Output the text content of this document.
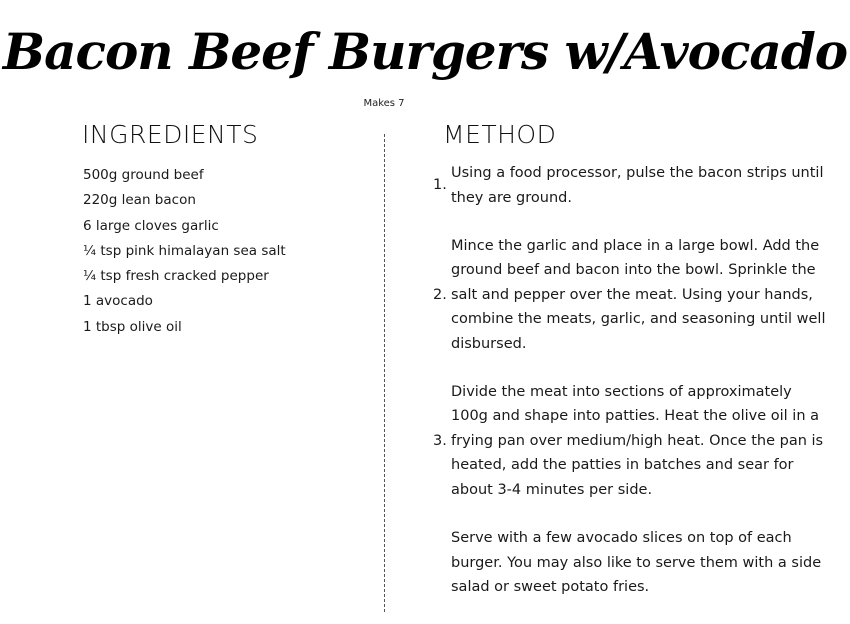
Bacon Beef Burgers w/Avocado
Makes 7
INGREDIENTS	METHOD
500g ground beef
220g lean bacon
6 large cloves garlic
¼ tsp pink himalayan sea salt
¼ tsp fresh cracked pepper
1 avocado
1 tbsp olive oil
1.
Using a food processor, pulse the bacon strips until they are ground.
2.
Mince the garlic and place in a large bowl. Add the ground beef and bacon into the bowl. Sprinkle the salt and pepper over the meat. Using your hands, combine the meats, garlic, and seasoning until well disbursed.
3.
Divide the meat into sections of approximately 100g and shape into patties. Heat the olive oil in a frying pan over medium/high heat. Once the pan is heated, add the patties in batches and sear for about 3-4 minutes per side.
Serve with a few avocado slices on top of each burger. You may also like to serve them with a side salad or sweet potato fries.
